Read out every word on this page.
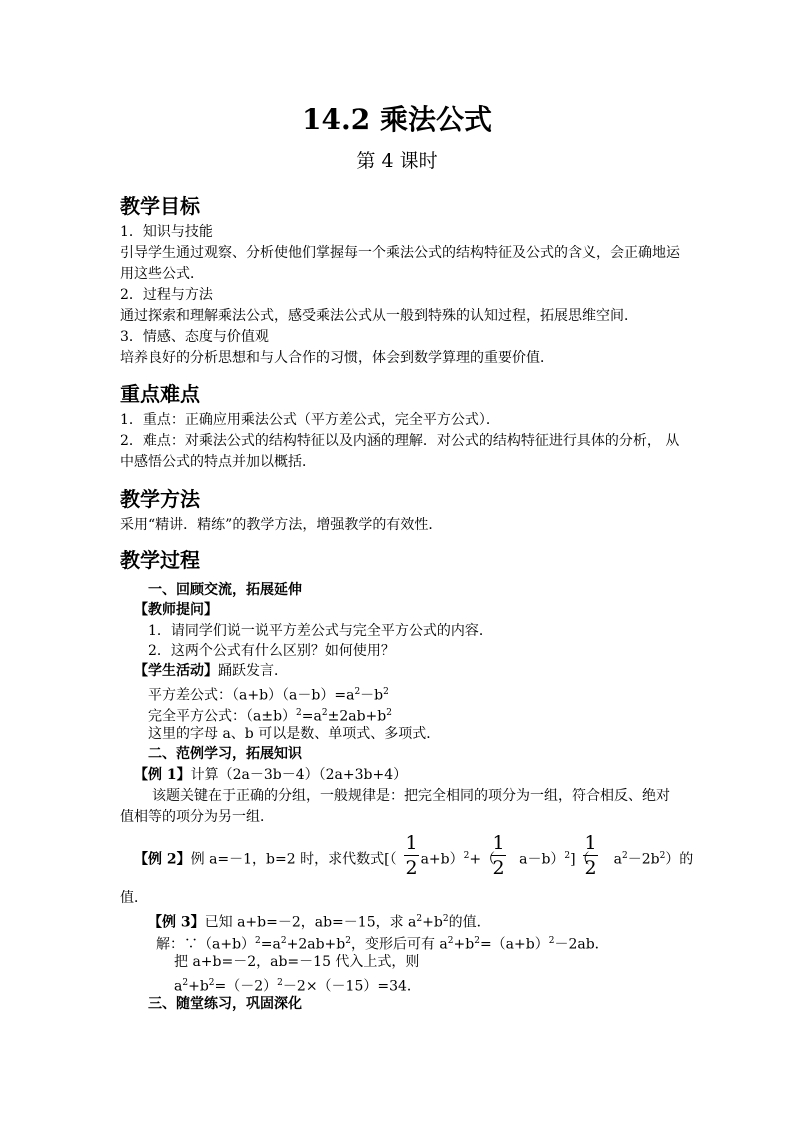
14.2 乘法公式
第 4 课时
教学目标
1．知识与技能
引导学生通过观察、分析使他们掌握每一个乘法公式的结构特征及公式的含义，会正确地运
用这些公式．
2．过程与方法
通过探索和理解乘法公式，感受乘法公式从一般到特殊的认知过程，拓展思维空间．
3．情感、态度与价值观
培养良好的分析思想和与人合作的习惯，体会到数学算理的重要价值．
重点难点
1．重点：正确应用乘法公式（平方差公式，完全平方公式）．
2．难点：对乘法公式的结构特征以及内涵的理解．对公式的结构特征进行具体的分析， 从
中感悟公式的特点并加以概括．
教学方法
采用“精讲．精练”的教学方法，增强教学的有效性．
教学过程
一、回顾交流，拓展延伸
【教师提问】
1．请同学们说一说平方差公式与完全平方公式的内容．
2．这两个公式有什么区别？如何使用？
【学生活动】踊跃发言．
平方差公式：$(a+b)(a-b)=a^2-b^2$
完全平方公式：$(a\pm b)^2=a^2\pm 2ab+b^2$
这里的字母 a、b 可以是数、单项式、多项式．
二、范例学习，拓展知识
【例 1】计算（2a－3b－4）（2a+3b+4）
该题关键在于正确的分组，一般规律是：把完全相同的项分为一组，符合相反、绝对
值相等的项分为另一组．
【例 2】例 a=－1，b=2 时，求代数式[（ a+b）$^2$+（ a－b）$^2$]（ $a^2-2b^2$）的
1
2
1
2
1
2
值．
【例 3】已知 a+b=－2，ab=－15，求 $a^2+b^2$的值．
解：$\because(a+b)^2=a^2+2ab+b^2$，变形后可有 $a^2+b^2=(a+b)^2-2ab$．
把 a+b=－2，ab=－15 代入上式，则
$a^2+b^2=(-2)^2-2\times(-15)=34$．
三、随堂练习，巩固深化
